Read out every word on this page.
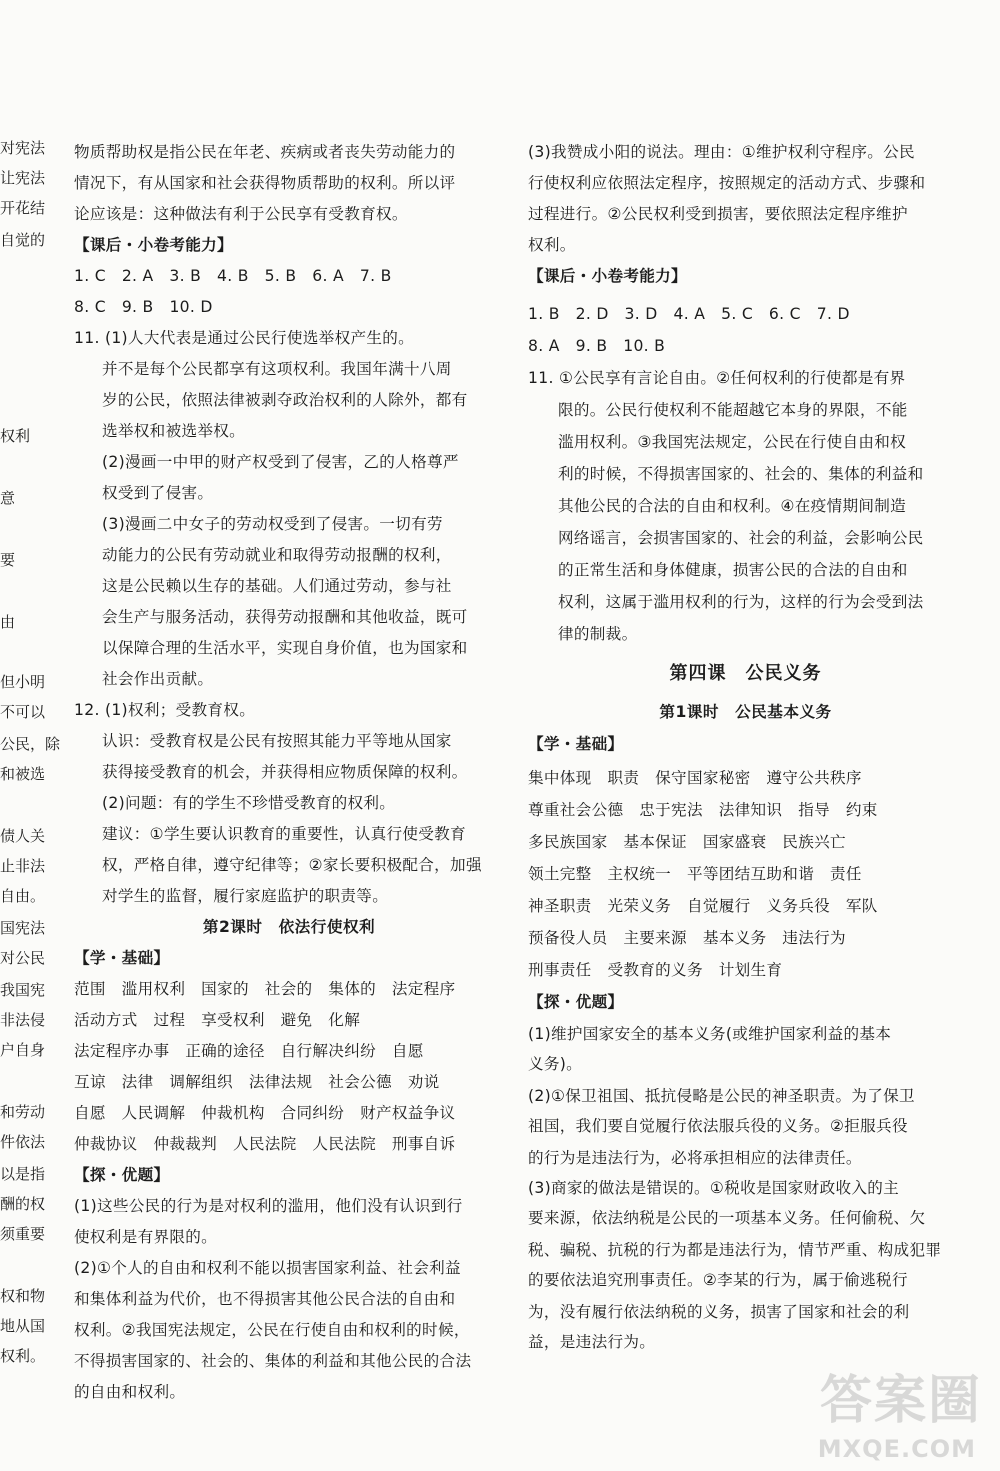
对宪法
让宪法
开花结
自觉的
权利
意
要
由
但小明
不可以
公民，除
和被选
债人关
止非法
自由。
国宪法
对公民
我国宪
非法侵
户自身
和劳动
件依法
以是指
酬的权
须重要
权和物
地从国
权利。
物质帮助权是指公民在年老、疾病或者丧失劳动能力的
情况下，有从国家和社会获得物质帮助的权利。所以评
论应该是：这种做法有利于公民享有受教育权。
【课后・小卷考能力】
1. C　2. A　3. B　4. B　5. B　6. A　7. B
8. C　9. B　10. D
11. (1)人大代表是通过公民行使选举权产生的。
并不是每个公民都享有这项权利。我国年满十八周
岁的公民，依照法律被剥夺政治权利的人除外，都有
选举权和被选举权。
(2)漫画一中甲的财产权受到了侵害，乙的人格尊严
权受到了侵害。
(3)漫画二中女子的劳动权受到了侵害。一切有劳
动能力的公民有劳动就业和取得劳动报酬的权利，
这是公民赖以生存的基础。人们通过劳动，参与社
会生产与服务活动，获得劳动报酬和其他收益，既可
以保障合理的生活水平，实现自身价值，也为国家和
社会作出贡献。
12. (1)权利；受教育权。
认识：受教育权是公民有按照其能力平等地从国家
获得接受教育的机会，并获得相应物质保障的权利。
(2)问题：有的学生不珍惜受教育的权利。
建议：①学生要认识教育的重要性，认真行使受教育
权，严格自律，遵守纪律等；②家长要积极配合，加强
对学生的监督，履行家庭监护的职责等。
第2课时　依法行使权利
【学・基础】
范围　滥用权利　国家的　社会的　集体的　法定程序
活动方式　过程　享受权利　避免　化解
法定程序办事　正确的途径　自行解决纠纷　自愿
互谅　法律　调解组织　法律法规　社会公德　劝说
自愿　人民调解　仲裁机构　合同纠纷　财产权益争议
仲裁协议　仲裁裁判　人民法院　人民法院　刑事自诉
【探・优题】
(1)这些公民的行为是对权利的滥用，他们没有认识到行
使权利是有界限的。
(2)①个人的自由和权利不能以损害国家利益、社会利益
和集体利益为代价，也不得损害其他公民合法的自由和
权利。②我国宪法规定，公民在行使自由和权利的时候，
不得损害国家的、社会的、集体的利益和其他公民的合法
的自由和权利。
(3)我赞成小阳的说法。理由：①维护权利守程序。公民
行使权利应依照法定程序，按照规定的活动方式、步骤和
过程进行。②公民权利受到损害，要依照法定程序维护
权利。
【课后・小卷考能力】
1. B　2. D　3. D　4. A　5. C　6. C　7. D
8. A　9. B　10. B
11. ①公民享有言论自由。②任何权利的行使都是有界
限的。公民行使权利不能超越它本身的界限，不能
滥用权利。③我国宪法规定，公民在行使自由和权
利的时候，不得损害国家的、社会的、集体的利益和
其他公民的合法的自由和权利。④在疫情期间制造
网络谣言，会损害国家的、社会的利益，会影响公民
的正常生活和身体健康，损害公民的合法的自由和
权利，这属于滥用权利的行为，这样的行为会受到法
律的制裁。
第四课　公民义务
第1课时　公民基本义务
【学・基础】
集中体现　职责　保守国家秘密　遵守公共秩序
尊重社会公德　忠于宪法　法律知识　指导　约束
多民族国家　基本保证　国家盛衰　民族兴亡
领土完整　主权统一　平等团结互助和谐　责任
神圣职责　光荣义务　自觉履行　义务兵役　军队
预备役人员　主要来源　基本义务　违法行为
刑事责任　受教育的义务　计划生育
【探・优题】
(1)维护国家安全的基本义务(或维护国家利益的基本
义务)。
(2)①保卫祖国、抵抗侵略是公民的神圣职责。为了保卫
祖国，我们要自觉履行依法服兵役的义务。②拒服兵役
的行为是违法行为，必将承担相应的法律责任。
(3)商家的做法是错误的。①税收是国家财政收入的主
要来源，依法纳税是公民的一项基本义务。任何偷税、欠
税、骗税、抗税的行为都是违法行为，情节严重、构成犯罪
的要依法追究刑事责任。②李某的行为，属于偷逃税行
为，没有履行依法纳税的义务，损害了国家和社会的利
益，是违法行为。
答案圈
MXQE.COM
